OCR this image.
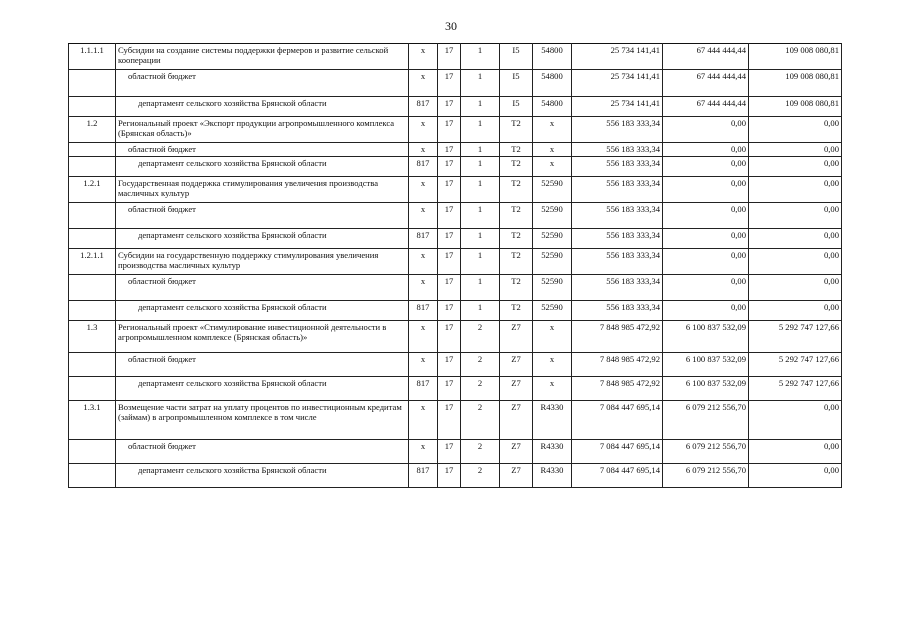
30
1.1.1.1	Субсидии на создание системы поддержки фермеров и развитие сельской кооперации	х	17	1	I5	54800	25 734 141,41	67 444 444,44	109 008 080,81
	областной бюджет	х	17	1	I5	54800	25 734 141,41	67 444 444,44	109 008 080,81
	департамент сельского хозяйства Брянской области	817	17	1	I5	54800	25 734 141,41	67 444 444,44	109 008 080,81
1.2	Региональный проект «Экспорт продукции агропромышленного комплекса (Брянская область)»	х	17	1	T2	х	556 183 333,34	0,00	0,00
	областной бюджет	х	17	1	T2	х	556 183 333,34	0,00	0,00
	департамент сельского хозяйства Брянской области	817	17	1	T2	х	556 183 333,34	0,00	0,00
1.2.1	Государственная поддержка стимулирования увеличения производства масличных культур	х	17	1	T2	52590	556 183 333,34	0,00	0,00
	областной бюджет	х	17	1	T2	52590	556 183 333,34	0,00	0,00
	департамент сельского хозяйства Брянской области	817	17	1	T2	52590	556 183 333,34	0,00	0,00
1.2.1.1	Субсидии на государственную поддержку стимулирования увеличения производства масличных культур	х	17	1	T2	52590	556 183 333,34	0,00	0,00
	областной бюджет	х	17	1	T2	52590	556 183 333,34	0,00	0,00
	департамент сельского хозяйства Брянской области	817	17	1	T2	52590	556 183 333,34	0,00	0,00
1.3	Региональный проект «Стимулирование инвестиционной деятельности в агропромышленном комплексе (Брянская область)»	х	17	2	Z7	х	7 848 985 472,92	6 100 837 532,09	5 292 747 127,66
	областной бюджет	х	17	2	Z7	х	7 848 985 472,92	6 100 837 532,09	5 292 747 127,66
	департамент сельского хозяйства Брянской области	817	17	2	Z7	х	7 848 985 472,92	6 100 837 532,09	5 292 747 127,66
1.3.1	Возмещение части затрат на уплату процентов по инвестиционным кредитам (займам) в агропромышленном комплексе в том числе	х	17	2	Z7	R4330	7 084 447 695,14	6 079 212 556,70	0,00
	областной бюджет	х	17	2	Z7	R4330	7 084 447 695,14	6 079 212 556,70	0,00
	департамент сельского хозяйства Брянской области	817	17	2	Z7	R4330	7 084 447 695,14	6 079 212 556,70	0,00
